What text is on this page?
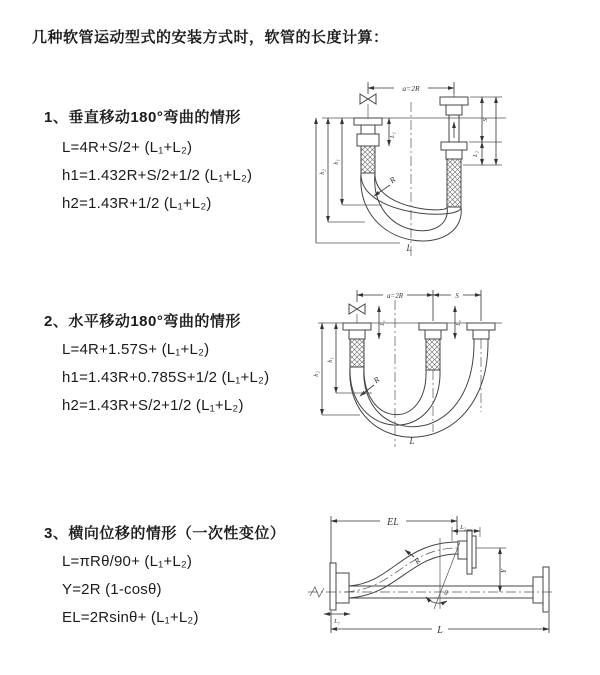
几种软管运动型式的安装方式时，软管的长度计算：
1、垂直移动180°弯曲的情形
L=4R+S/2+ (L₁+L₂)
h1=1.432R+S/2+1/2 (L₁+L₂)
h2=1.43R+1/2 (L₁+L₂)
2、水平移动180°弯曲的情形
L=4R+1.57S+ (L₁+L₂)
h1=1.43R+0.785S+1/2 (L₁+L₂)
h2=1.43R+S/2+1/2 (L₁+L₂)
3、横向位移的情形（一次性变位）
L=πRθ/90+ (L₁+L₂)
Y=2R (1-cosθ)
EL=2Rsinθ+ (L₁+L₂)
a=2R
L₁
S
L₂
R
h₁
h₂
L
a=2R	S
L₁	L₂
R
h₁
h₂
L
EL	L₂
θ
R
Y
L₁
L
